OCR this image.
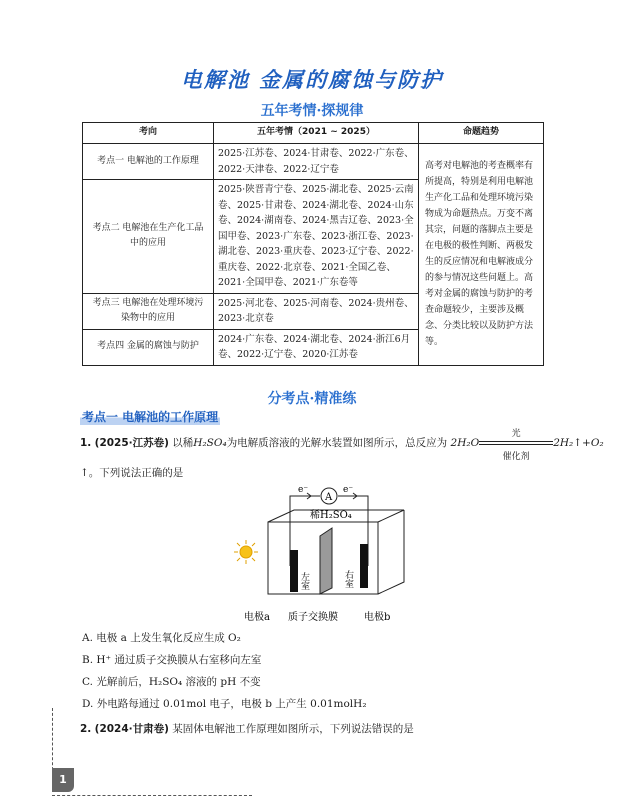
电解池 金属的腐蚀与防护
五年考情·探规律
考向	五年考情（2021 ~ 2025）	命题趋势
考点一 电解池的工作原理	2025·江苏卷、2024·甘肃卷、2022·广东卷、2022·天津卷、2022·辽宁卷	高考对电解池的考查概率有所提高，特别是利用电解池生产化工品和处理环境污染物成为命题热点。万变不离其宗，问题的落脚点主要是在电极的极性判断、两极发生的反应情况和电解液成分的参与情况这些问题上。高考对金属的腐蚀与防护的考查命题较少，主要涉及概念、分类比较以及防护方法等。
考点二 电解池在生产化工品中的应用	2025·陕晋青宁卷、2025·湖北卷、2025·云南卷、2025·甘肃卷、2024·湖北卷、2024·山东卷、2024·湖南卷、2024·黑吉辽卷、2023·全国甲卷、2023·广东卷、2023·浙江卷、2023·湖北卷、2023·重庆卷、2023·辽宁卷、2022·重庆卷、2022·北京卷、2021·全国乙卷、2021·全国甲卷、2021·广东卷等	
考点三 电解池在处理环境污染物中的应用	2025·河北卷、2025·河南卷、2024·贵州卷、2023·北京卷	
考点四 金属的腐蚀与防护	2024·广东卷、2024·湖北卷、2024·浙江6月卷、2022·辽宁卷、2020·江苏卷	
分考点·精准练
考点一 电解池的工作原理
1. (2025·江苏卷) 以稀H₂SO₄为电解质溶液的光解水装置如图所示，总反应为 2H₂O
光
催化剂
2H₂↑+O₂
↑。下列说法正确的是
A
e⁻	e⁻
稀H₂SO₄
左室	右室
电极a 质子交换膜	电极b
A. 电极 a 上发生氧化反应生成 O₂
B. H⁺ 通过质子交换膜从右室移向左室
C. 光解前后，H₂SO₄ 溶液的 pH 不变
D. 外电路每通过 0.01mol 电子，电极 b 上产生 0.01molH₂
2. (2024·甘肃卷) 某固体电解池工作原理如图所示，下列说法错误的是
1
